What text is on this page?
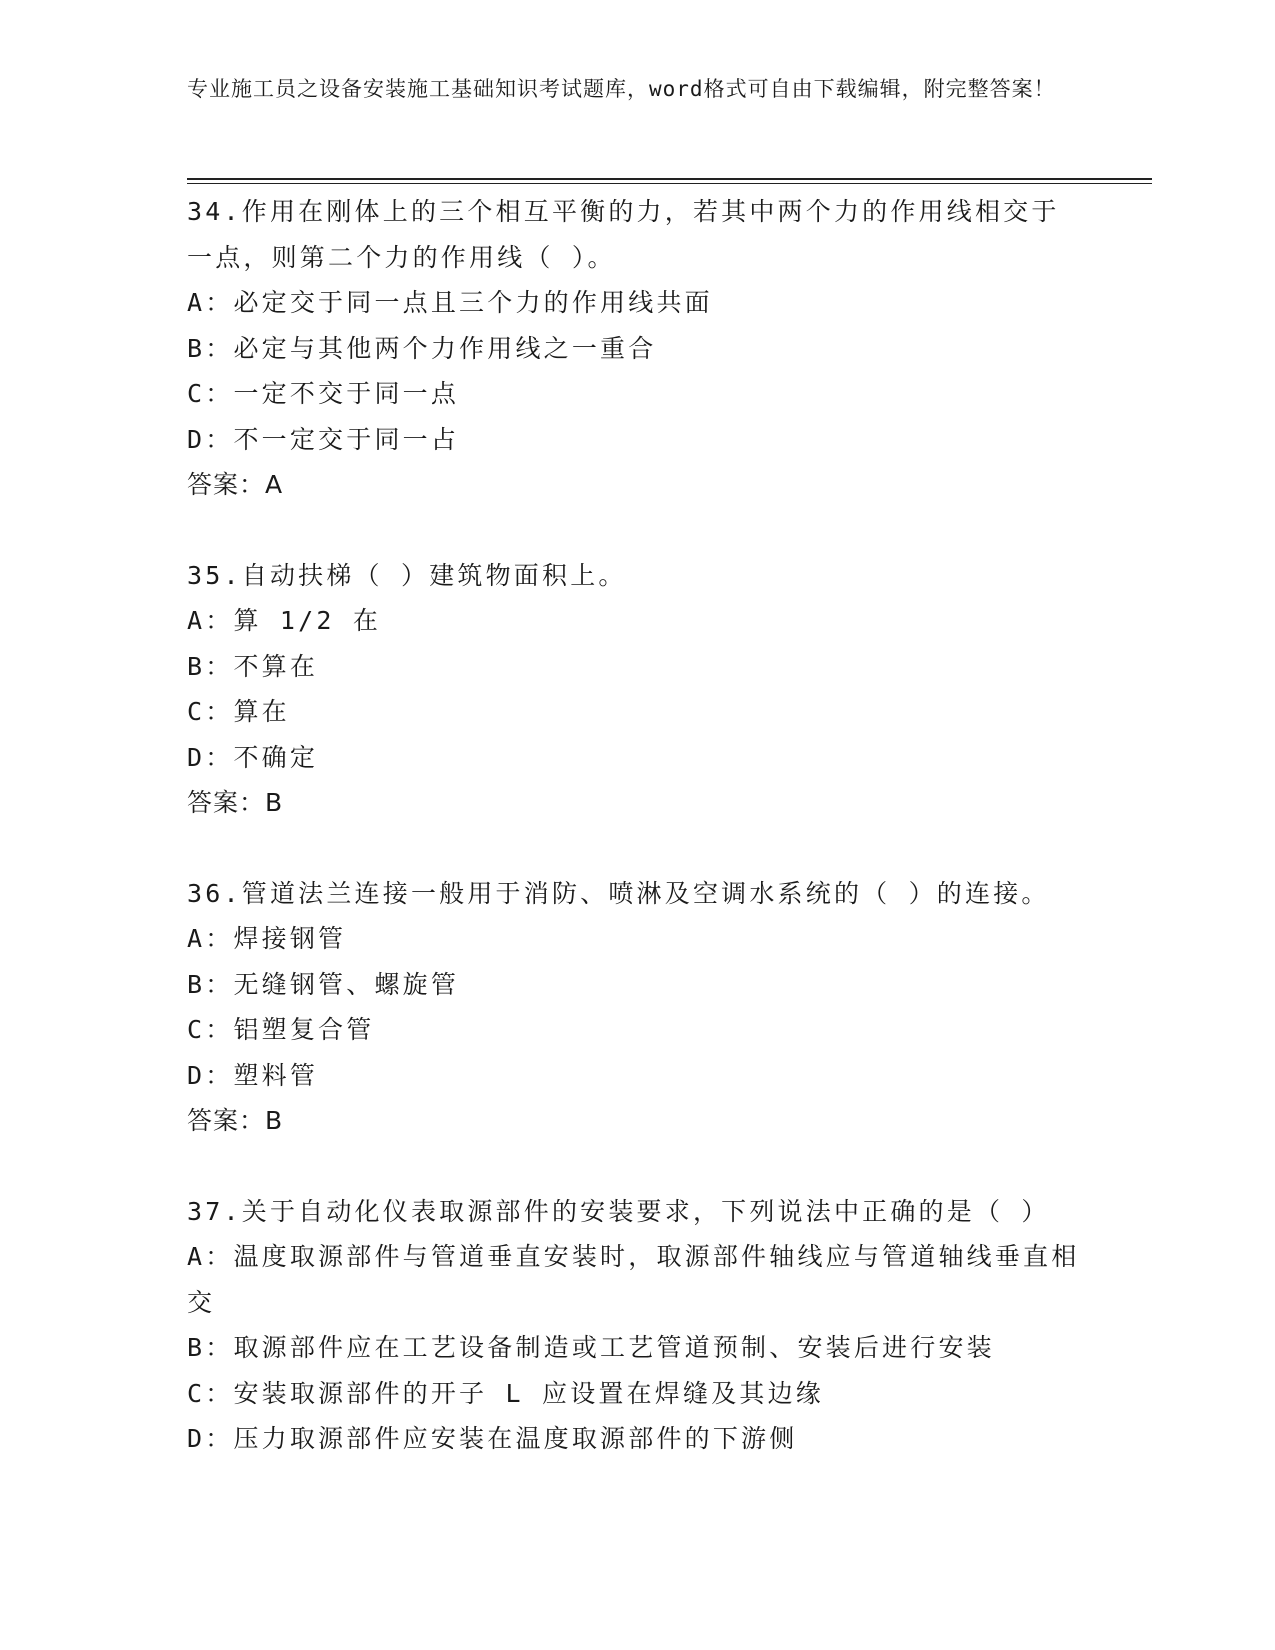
专业施工员之设备安装施工基础知识考试题库，word格式可自由下载编辑，附完整答案！
34.作用在刚体上的三个相互平衡的力，若其中两个力的作用线相交于一点，则第二个力的作用线（ ）。
A：必定交于同一点且三个力的作用线共面
B：必定与其他两个力作用线之一重合
C：一定不交于同一点
D：不一定交于同一占
答案：A
35.自动扶梯（ ）建筑物面积上。
A：算 1/2 在
B：不算在
C：算在
D：不确定
答案：B
36.管道法兰连接一般用于消防、喷淋及空调水系统的（ ）的连接。
A：焊接钢管
B：无缝钢管、螺旋管
C：铝塑复合管
D：塑料管
答案：B
37.关于自动化仪表取源部件的安装要求，下列说法中正确的是（ ）
A：温度取源部件与管道垂直安装时，取源部件轴线应与管道轴线垂直相交
B：取源部件应在工艺设备制造或工艺管道预制、安装后进行安装
C：安装取源部件的开子 L 应设置在焊缝及其边缘
D：压力取源部件应安装在温度取源部件的下游侧
